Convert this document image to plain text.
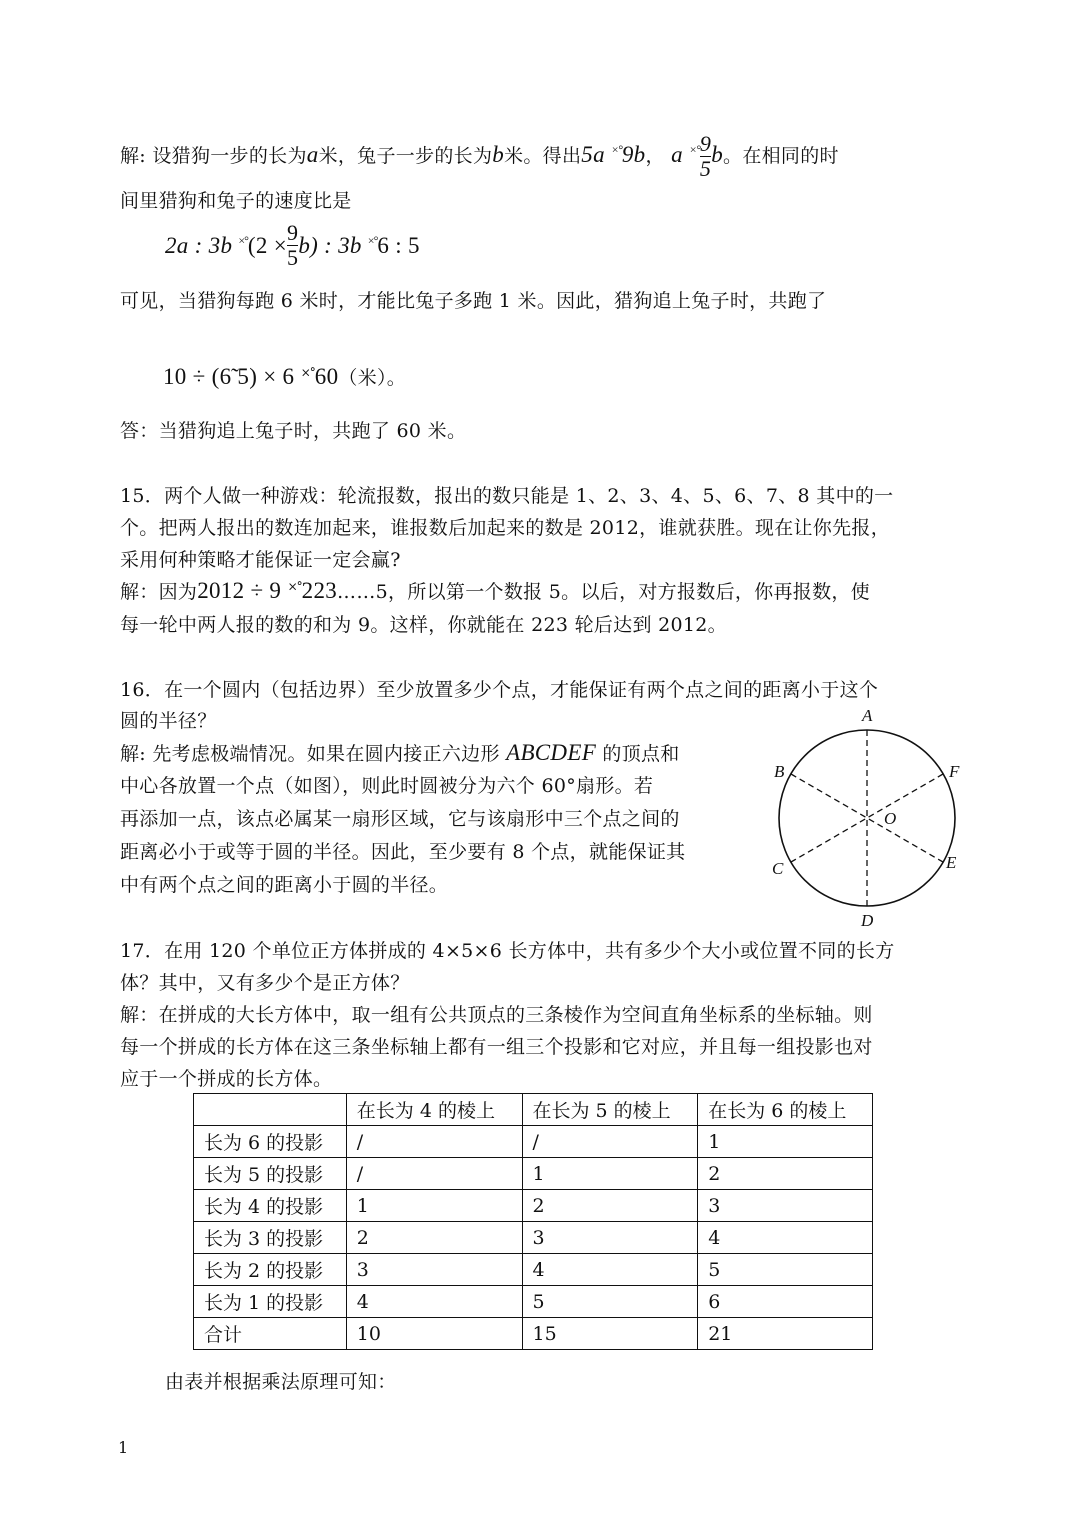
解: 设猎狗一步的长为a米，兔子一步的长为b米。得出5a ×°9b， a $^{\times^\circ} \frac{9}{5}$ b。在相同的时
间里猎狗和兔子的速度比是
2a : 3b $^{\times^\circ}(2 \times \frac{9}{5} b)$ : 3b ×°6 : 5
可见，当猎狗每跑 6 米时，才能比兔子多跑 1 米。因此，猎狗追上兔子时，共跑了
10 ÷ (6̃ 5) × 6 ×°60（米）。
答：当猎狗追上兔子时，共跑了 60 米。
15．两个人做一种游戏：轮流报数，报出的数只能是 1、2、3、4、5、6、7、8 其中的一
个。把两人报出的数连加起来，谁报数后加起来的数是 2012，谁就获胜。现在让你先报，
采用何种策略才能保证一定会赢?
解：因为2012 ÷ 9 ×°223……5，所以第一个数报 5。以后，对方报数后，你再报数，使
每一轮中两人报的数的和为 9。这样，你就能在 223 轮后达到 2012。
16．在一个圆内（包括边界）至少放置多少个点，才能保证有两个点之间的距离小于这个
圆的半径？
解: 先考虑极端情况。如果在圆内接正六边形 ABCDEF 的顶点和
中心各放置一个点（如图），则此时圆被分为六个 60°扇形。若
再添加一点，该点必属某一扇形区域，它与该扇形中三个点之间的
距离必小于或等于圆的半径。因此，至少要有 8 个点，就能保证其
中有两个点之间的距离小于圆的半径。
A
B
C
D
E
F
O
17．在用 120 个单位正方体拼成的 4×5×6 长方体中，共有多少个大小或位置不同的长方
体？其中，又有多少个是正方体？
解：在拼成的大长方体中，取一组有公共顶点的三条棱作为空间直角坐标系的坐标轴。则
每一个拼成的长方体在这三条坐标轴上都有一组三个投影和它对应，并且每一组投影也对
应于一个拼成的长方体。
	在长为 4 的棱上	在长为 5 的棱上	在长为 6 的棱上
长为 6 的投影	/	/	1
长为 5 的投影	/	1	2
长为 4 的投影	1	2	3
长为 3 的投影	2	3	4
长为 2 的投影	3	4	5
长为 1 的投影	4	5	6
合计	10	15	21
由表并根据乘法原理可知：
1
